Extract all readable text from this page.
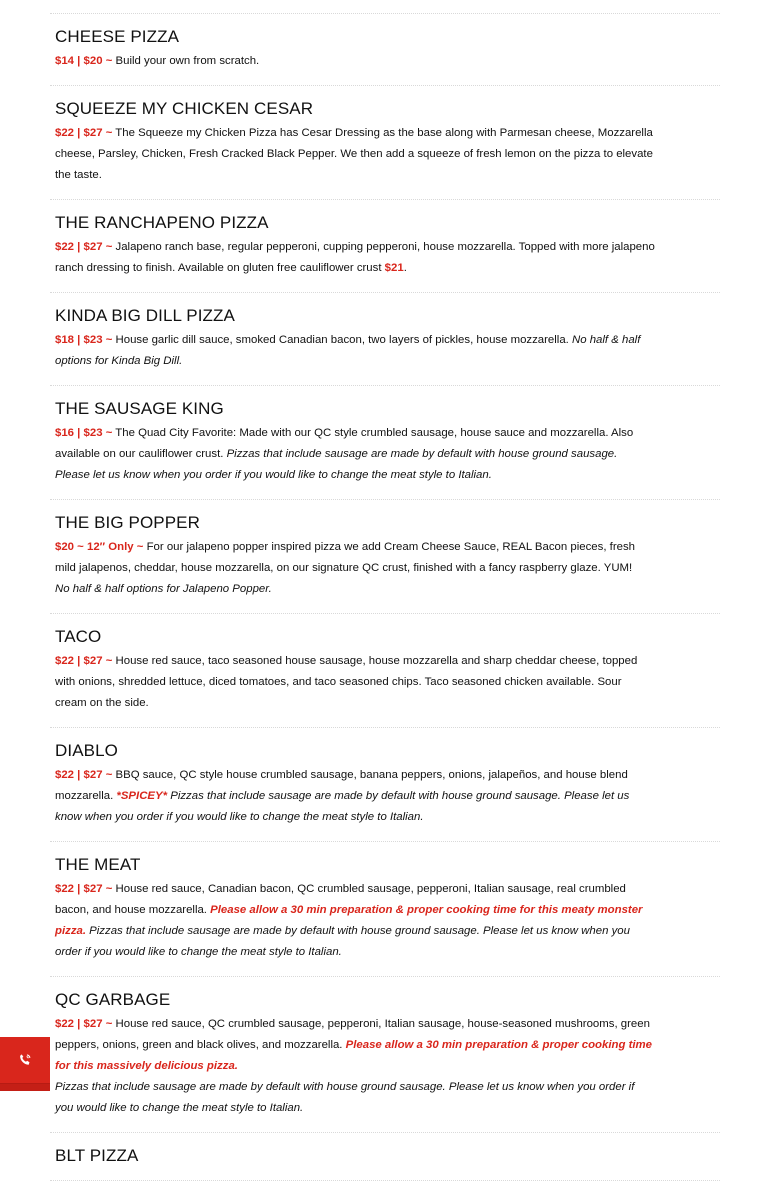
CHEESE PIZZA

$14 | $20 ~ Build your own from scratch.

SQUEEZE MY CHICKEN CESAR

$22 | $27 ~ The Squeeze my Chicken Pizza has Cesar Dressing as the base along with Parmesan cheese, Mozzarella cheese, Parsley, Chicken, Fresh Cracked Black Pepper. We then add a squeeze of fresh lemon on the pizza to elevate the taste.

THE RANCHAPENO PIZZA

$22 | $27 ~ Jalapeno ranch base, regular pepperoni, cupping pepperoni, house mozzarella. Topped with more jalapeno ranch dressing to finish. Available on gluten free cauliflower crust $21.

KINDA BIG DILL PIZZA

$18 | $23 ~ House garlic dill sauce, smoked Canadian bacon, two layers of pickles, house mozzarella. No half & half options for Kinda Big Dill.

THE SAUSAGE KING

$16 | $23 ~ The Quad City Favorite: Made with our QC style crumbled sausage, house sauce and mozzarella. Also available on our cauliflower crust. Pizzas that include sausage are made by default with house ground sausage. Please let us know when you order if you would like to change the meat style to Italian.

THE BIG POPPER

$20 ~ 12″ Only ~ For our jalapeno popper inspired pizza we add Cream Cheese Sauce, REAL Bacon pieces, fresh mild jalapenos, cheddar, house mozzarella, on our signature QC crust, finished with a fancy raspberry glaze. YUM!
No half & half options for Jalapeno Popper.

TACO

$22 | $27 ~ House red sauce, taco seasoned house sausage, house mozzarella and sharp cheddar cheese, topped with onions, shredded lettuce, diced tomatoes, and taco seasoned chips. Taco seasoned chicken available. Sour cream on the side.

DIABLO

$22 | $27 ~ BBQ sauce, QC style house crumbled sausage, banana peppers, onions, jalapeños, and house blend mozzarella. *SPICEY* Pizzas that include sausage are made by default with house ground sausage. Please let us know when you order if you would like to change the meat style to Italian.

THE MEAT

$22 | $27 ~ House red sauce, Canadian bacon, QC crumbled sausage, pepperoni, Italian sausage, real crumbled bacon, and house mozzarella. Please allow a 30 min preparation & proper cooking time for this meaty monster pizza. Pizzas that include sausage are made by default with house ground sausage. Please let us know when you order if you would like to change the meat style to Italian.

QC GARBAGE

$22 | $27 ~ House red sauce, QC crumbled sausage, pepperoni, Italian sausage, house-seasoned mushrooms, green peppers, onions, green and black olives, and mozzarella. Please allow a 30 min preparation & proper cooking time for this massively delicious pizza.
Pizzas that include sausage are made by default with house ground sausage. Please let us know when you order if you would like to change the meat style to Italian.

BLT PIZZA
